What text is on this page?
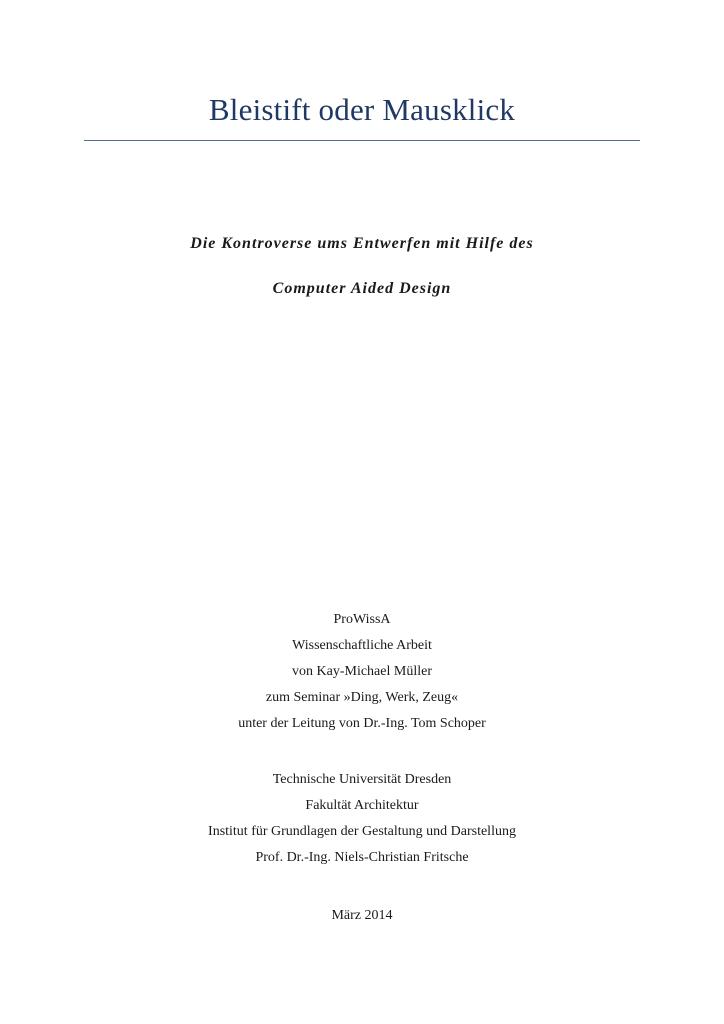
Bleistift oder Mausklick

Die Kontroverse ums Entwerfen mit Hilfe des

Computer Aided Design

ProWissA
Wissenschaftliche Arbeit
von Kay-Michael Müller
zum Seminar »Ding, Werk, Zeug«
unter der Leitung von Dr.-Ing. Tom Schoper
Technische Universität Dresden
Fakultät Architektur
Institut für Grundlagen der Gestaltung und Darstellung
Prof. Dr.-Ing. Niels-Christian Fritsche
März 2014
